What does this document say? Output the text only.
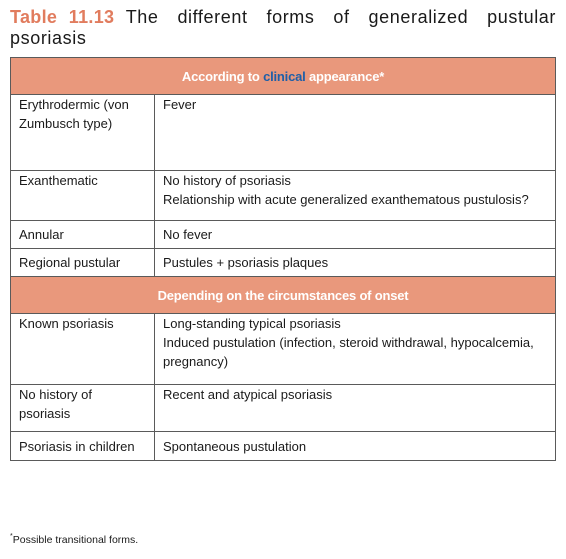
Table 11.13 The different forms of generalized pustular psoriasis
According to clinical appearance*	
Erythrodermic (von Zumbusch type)	Fever

Exanthematic	No history of psoriasis
Relationship with acute generalized exanthematous pustulosis?

Annular	No fever

Regional pustular	Pustules + psoriasis plaques

Depending on the circumstances of onset	
Known psoriasis	Long-standing typical psoriasis
Induced pustulation (infection, steroid withdrawal, hypocalcemia, pregnancy)

No history of psoriasis	Recent and atypical psoriasis

Psoriasis in children	Spontaneous pustulation
*Possible transitional forms.
